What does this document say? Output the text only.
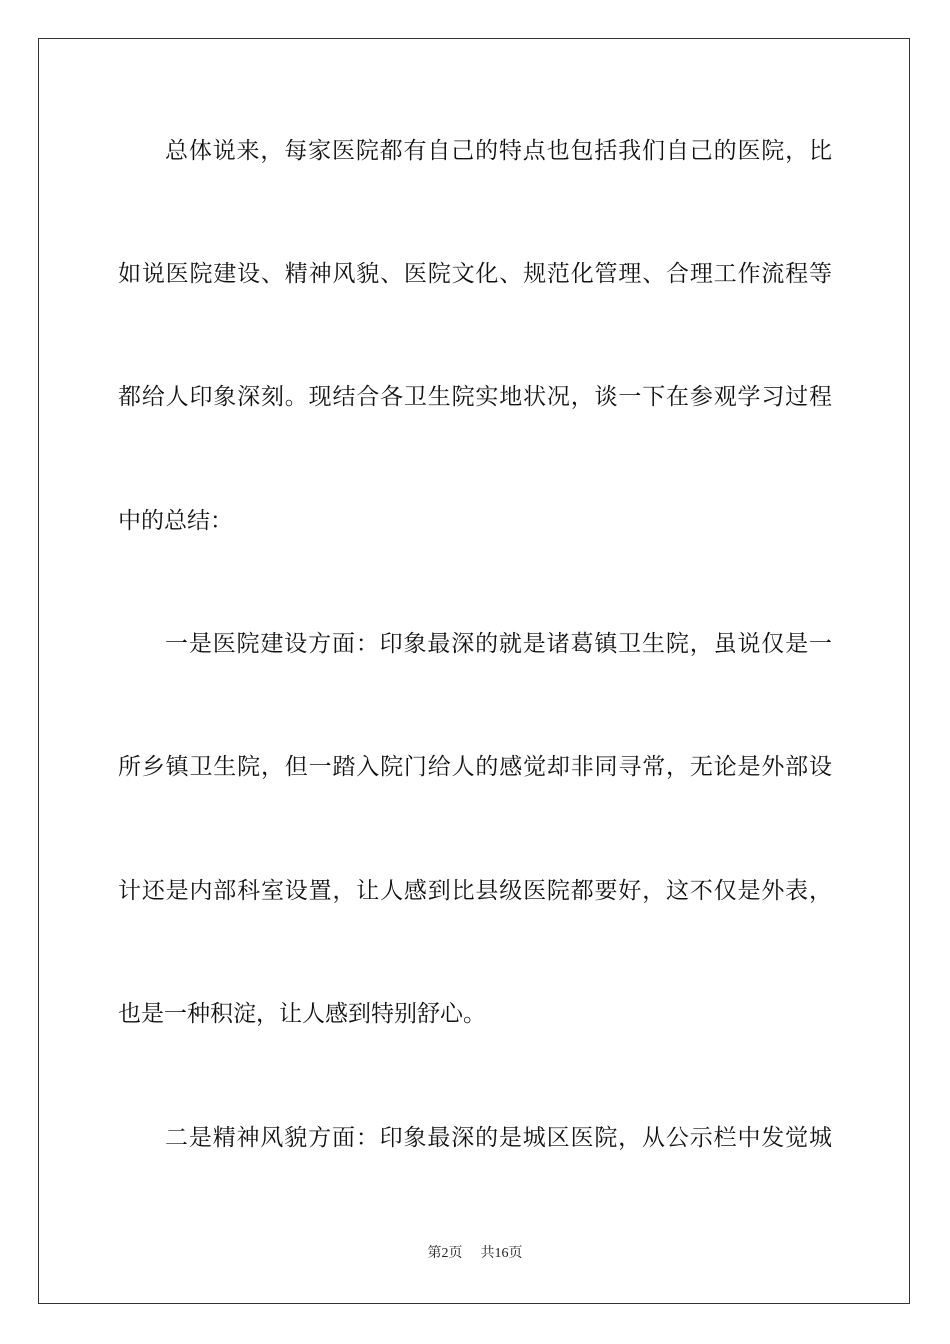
总体说来，每家医院都有自己的特点也包括我们自己的医院，比
如说医院建设、精神风貌、医院文化、规范化管理、合理工作流程等
都给人印象深刻。现结合各卫生院实地状况，谈一下在参观学习过程
中的总结：
一是医院建设方面：印象最深的就是诸葛镇卫生院，虽说仅是一
所乡镇卫生院，但一踏入院门给人的感觉却非同寻常，无论是外部设
计还是内部科室设置，让人感到比县级医院都要好，这不仅是外表，
也是一种积淀，让人感到特别舒心。
二是精神风貌方面：印象最深的是城区医院，从公示栏中发觉城
第2页 共16页
